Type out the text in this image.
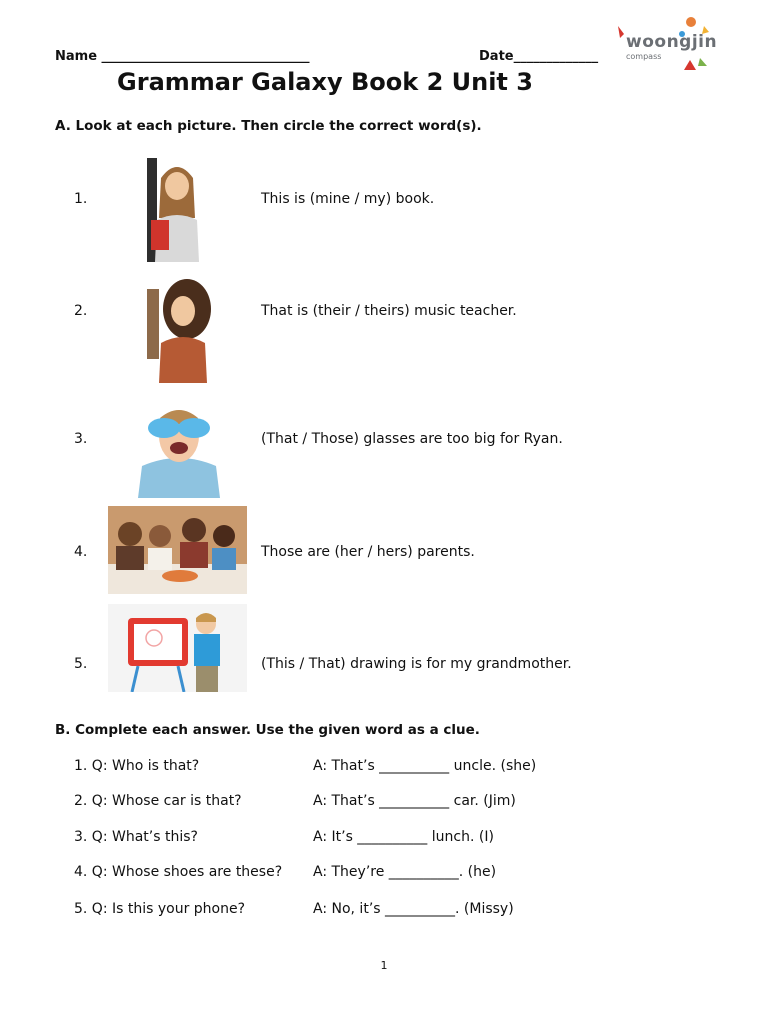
Name ________________________________	Date_____________
woongjin
compass
Grammar Galaxy Book 2 Unit 3
A. Look at each picture. Then circle the correct word(s).
1.	This is (mine / my) book.
2.	That is (their / theirs) music teacher.
3.	(That / Those) glasses are too big for Ryan.
4.	Those are (her / hers) parents.
5.	(This / That) drawing is for my grandmother.
B. Complete each answer. Use the given word as a clue.
1. Q: Who is that?	A: That’s __________ uncle. (she)
2. Q: Whose car is that?	A: That’s __________ car. (Jim)
3. Q: What’s this?	A: It’s __________ lunch. (I)
4. Q: Whose shoes are these? A: They’re __________. (he)
5. Q: Is this your phone?	A: No, it’s __________. (Missy)
1
